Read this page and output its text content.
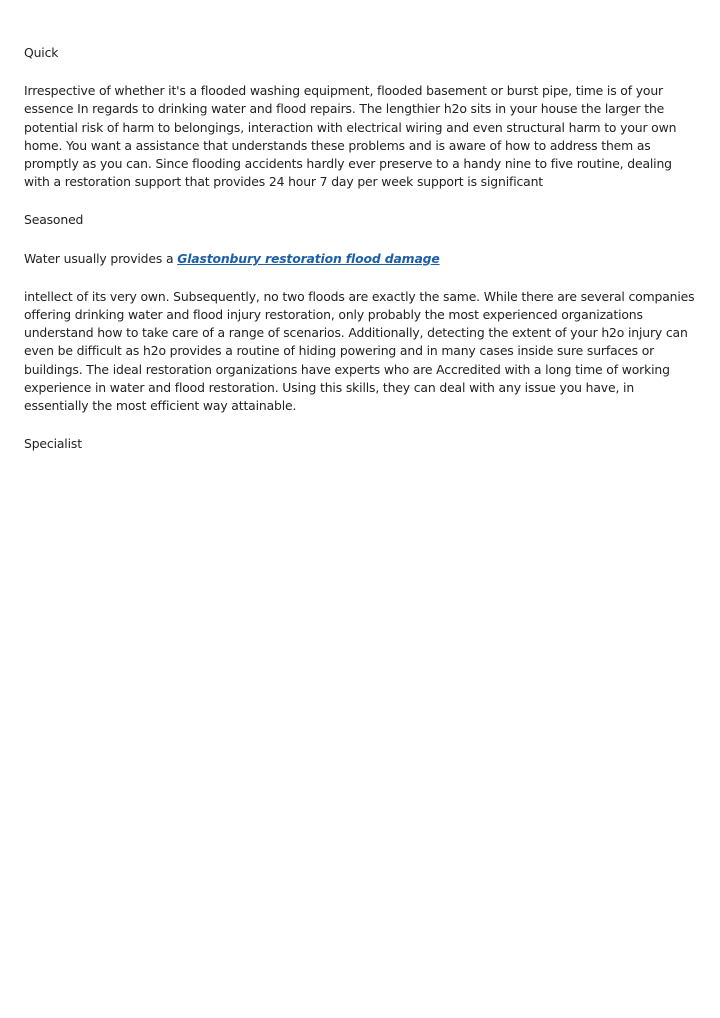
Quick

Irrespective of whether it's a flooded washing equipment, flooded basement or burst pipe, time is of your essence In regards to drinking water and flood repairs. The lengthier h2o sits in your house the larger the potential risk of harm to belongings, interaction with electrical wiring and even structural harm to your own home. You want a assistance that understands these problems and is aware of how to address them as promptly as you can. Since flooding accidents hardly ever preserve to a handy nine to five routine, dealing with a restoration support that provides 24 hour 7 day per week support is significant

Seasoned

Water usually provides a Glastonbury restoration flood damage

intellect of its very own. Subsequently, no two floods are exactly the same. While there are several companies offering drinking water and flood injury restoration, only probably the most experienced organizations understand how to take care of a range of scenarios. Additionally, detecting the extent of your h2o injury can even be difficult as h2o provides a routine of hiding powering and in many cases inside sure surfaces or buildings. The ideal restoration organizations have experts who are Accredited with a long time of working experience in water and flood restoration. Using this skills, they can deal with any issue you have, in essentially the most efficient way attainable.

Specialist
